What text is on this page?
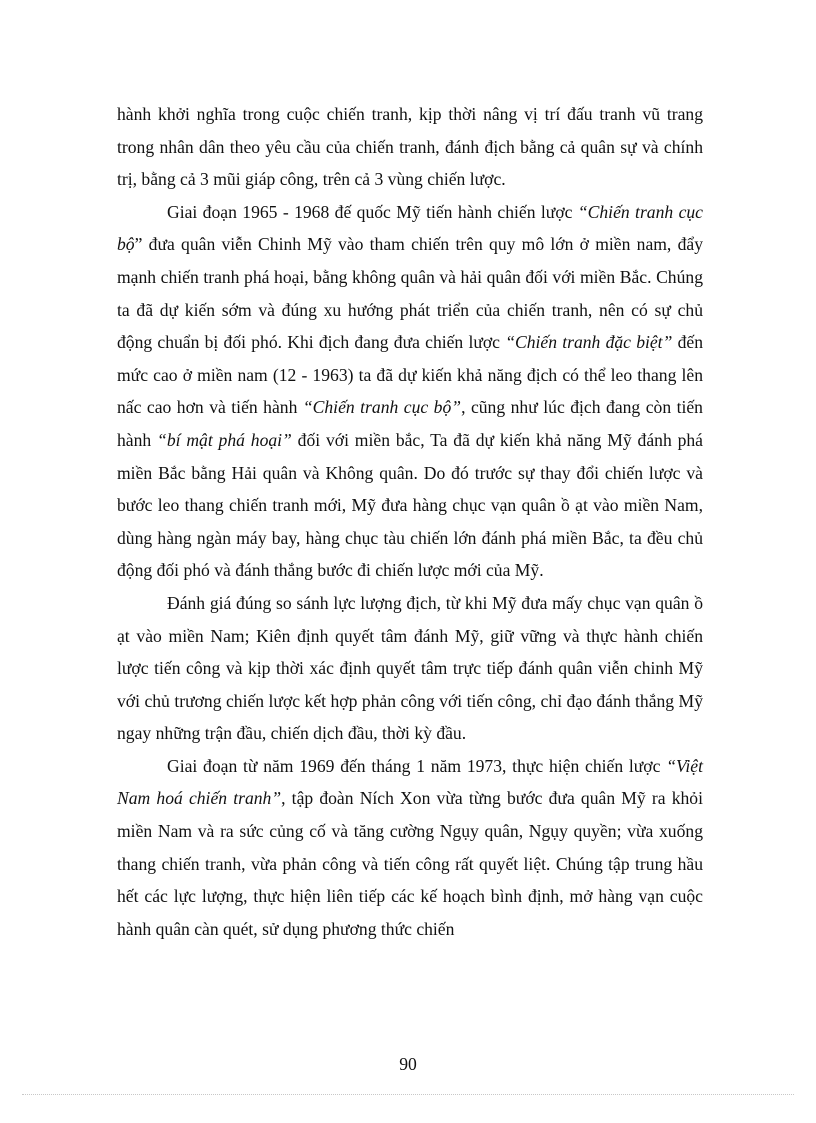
hành khởi nghĩa trong cuộc chiến tranh, kịp thời nâng vị trí đấu tranh vũ trang trong nhân dân theo yêu cầu của chiến tranh, đánh địch bằng cả quân sự và chính trị, bằng cả 3 mũi giáp công, trên cả 3 vùng chiến lược.

Giai đoạn 1965 - 1968 đế quốc Mỹ tiến hành chiến lược “Chiến tranh cục bộ” đưa quân viễn Chinh Mỹ vào tham chiến trên quy mô lớn ở miền nam, đẩy mạnh chiến tranh phá hoại, bằng không quân và hải quân đối với miền Bắc. Chúng ta đã dự kiến sớm và đúng xu hướng phát triển của chiến tranh, nên có sự chủ động chuẩn bị đối phó. Khi địch đang đưa chiến lược “Chiến tranh đặc biệt” đến mức cao ở miền nam (12 - 1963) ta đã dự kiến khả năng địch có thể leo thang lên nấc cao hơn và tiến hành “Chiến tranh cục bộ”, cũng như lúc địch đang còn tiến hành “bí mật phá hoại” đối với miền bắc, Ta đã dự kiến khả năng Mỹ đánh phá miền Bắc bằng Hải quân và Không quân. Do đó trước sự thay đổi chiến lược và bước leo thang chiến tranh mới, Mỹ đưa hàng chục vạn quân ồ ạt vào miền Nam, dùng hàng ngàn máy bay, hàng chục tàu chiến lớn đánh phá miền Bắc, ta đều chủ động đối phó và đánh thắng bước đi chiến lược mới của Mỹ.

Đánh giá đúng so sánh lực lượng địch, từ khi Mỹ đưa mấy chục vạn quân ồ ạt vào miền Nam; Kiên định quyết tâm đánh Mỹ, giữ vững và thực hành chiến lược tiến công và kịp thời xác định quyết tâm trực tiếp đánh quân viễn chinh Mỹ với chủ trương chiến lược kết hợp phản công với tiến công, chỉ đạo đánh thắng Mỹ ngay những trận đầu, chiến dịch đầu, thời kỳ đầu.

Giai đoạn từ năm 1969 đến tháng 1 năm 1973, thực hiện chiến lược “Việt Nam hoá chiến tranh”, tập đoàn Ních Xon vừa từng bước đưa quân Mỹ ra khỏi miền Nam và ra sức củng cố và tăng cường Ngụy quân, Ngụy quyền; vừa xuống thang chiến tranh, vừa phản công và tiến công rất quyết liệt. Chúng tập trung hầu hết các lực lượng, thực hiện liên tiếp các kế hoạch bình định, mở hàng vạn cuộc hành quân càn quét, sử dụng phương thức chiến

90
